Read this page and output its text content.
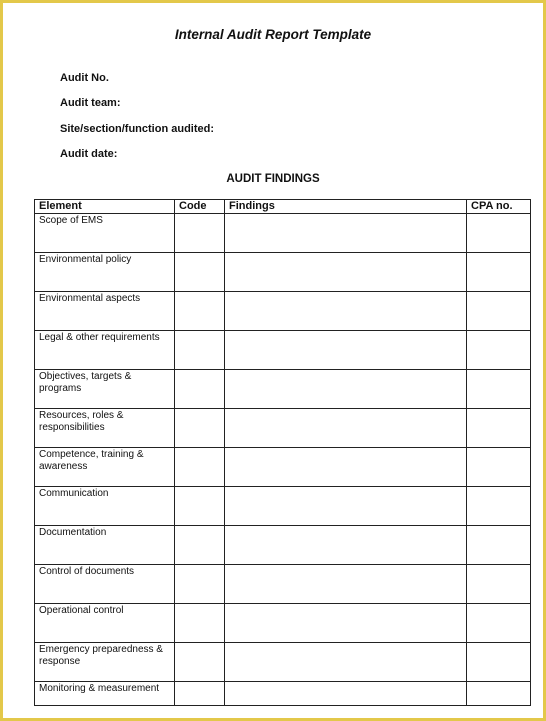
Internal Audit Report Template
Audit No.
Audit team:
Site/section/function audited:
Audit date:
AUDIT FINDINGS
Element	Code	Findings	CPA no.
Scope of EMS			
Environmental policy			
Environmental aspects			
Legal & other requirements			
Objectives, targets & programs			
Resources, roles & responsibilities			
Competence, training & awareness			
Communication			
Documentation			
Control of documents			
Operational control			
Emergency preparedness & response			
Monitoring & measurement			
